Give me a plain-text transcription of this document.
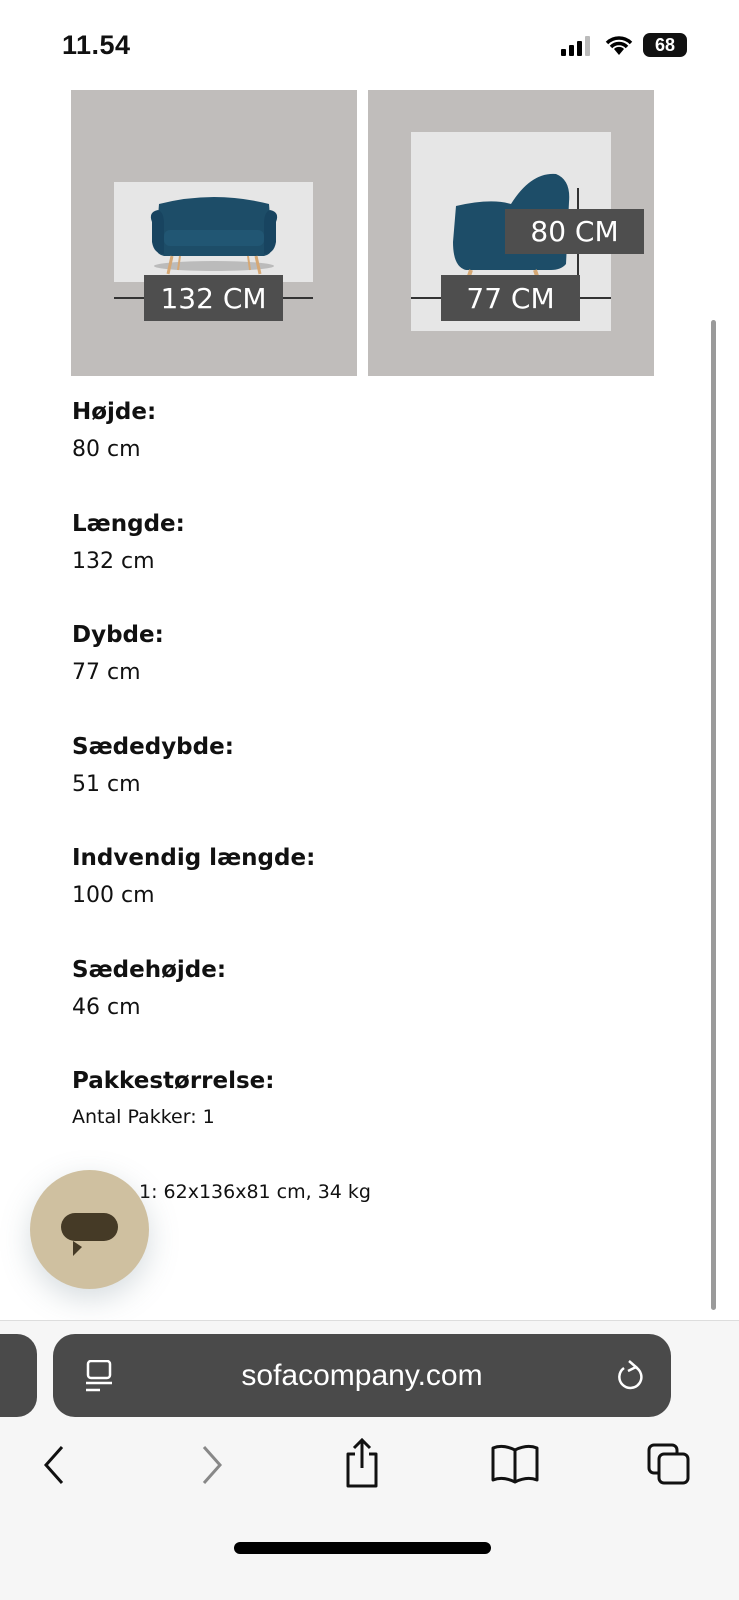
11.54	68
132 CM
80 CM
77 CM
Højde:
80 cm
Længde:
132 cm
Dybde:
77 cm
Sædedybde:
51 cm
Indvendig længde:
100 cm
Sædehøjde:
46 cm
Pakkestørrelse:
Antal Pakker: 1
1: 62x136x81 cm, 34 kg
sofacompany.com
